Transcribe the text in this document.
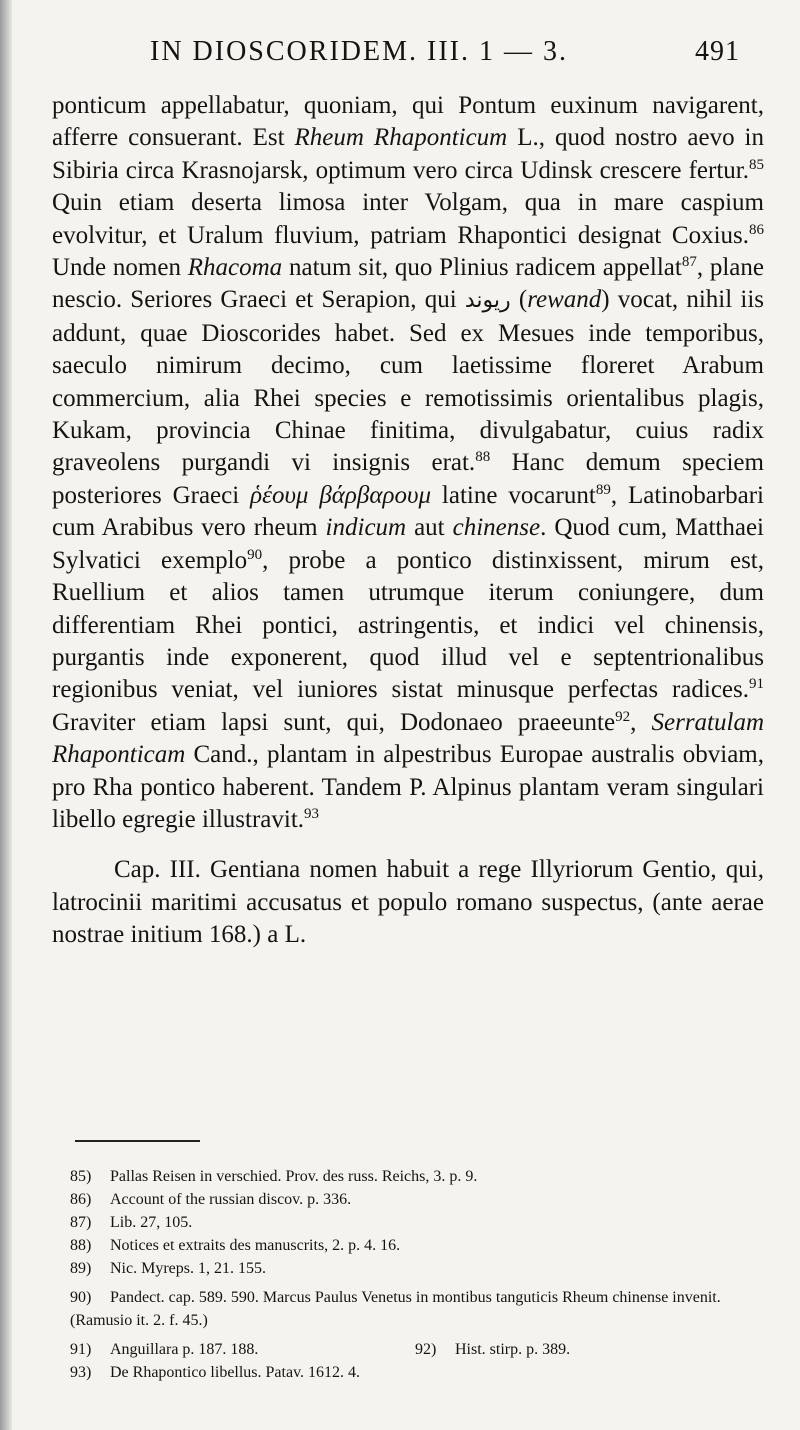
IN DIOSCORIDEM. III. 1 — 3.	491

ponticum appellabatur, quoniam, qui Pontum euxinum navigarent, afferre consuerant. Est Rheum Rhaponticum L., quod nostro aevo in Sibiria circa Krasnojarsk, optimum vero circa Udinsk crescere fertur.$^{85}$ Quin etiam deserta limosa inter Volgam, qua in mare caspium evolvitur, et Uralum fluvium, patriam Rhapontici designat Coxius.$^{86}$ Unde nomen Rhacoma natum sit, quo Plinius radicem appellat$^{87}$, plane nescio. Seriores Graeci et Serapion, qui ريوند (rewand) vocat, nihil iis addunt, quae Dioscorides habet. Sed ex Mesues inde temporibus, saeculo nimirum decimo, cum laetissime floreret Arabum commercium, alia Rhei species e remotissimis orientalibus plagis, Kukam, provincia Chinae finitima, divulgabatur, cuius radix graveolens purgandi vi insignis erat.$^{88}$ Hanc demum speciem posteriores Graeci ῥέουμ βάρβαρουμ latine vocarunt$^{89}$, Latinobarbari cum Arabibus vero rheum indicum aut chinense. Quod cum, Matthaei Sylvatici exemplo$^{90}$, probe a pontico distinxissent, mirum est, Ruellium et alios tamen utrumque iterum coniungere, dum differentiam Rhei pontici, astringentis, et indici vel chinensis, purgantis inde exponerent, quod illud vel e septentrionalibus regionibus veniat, vel iuniores sistat minusque perfectas radices.$^{91}$ Graviter etiam lapsi sunt, qui, Dodonaeo praeeunte$^{92}$, Serratulam Rhaponticam Cand., plantam in alpestribus Europae australis obviam, pro Rha pontico haberent. Tandem P. Alpinus plantam veram singulari libello egregie illustravit.$^{93}$

Cap. III. Gentiana nomen habuit a rege Illyriorum Gentio, qui, latrocinii maritimi accusatus et populo romano suspectus, (ante aerae nostrae initium 168.) a L.

85) Pallas Reisen in verschied. Prov. des russ. Reichs, 3. p. 9.
86) Account of the russian discov. p. 336.
87) Lib. 27, 105.
88) Notices et extraits des manuscrits, 2. p. 4. 16.
89) Nic. Myreps. 1, 21. 155.
90) Pandect. cap. 589. 590. Marcus Paulus Venetus in montibus tanguticis Rheum chinense invenit. (Ramusio it. 2. f. 45.)
91) Anguillara p. 187. 188.	92) Hist. stirp. p. 389.
93) De Rhapontico libellus. Patav. 1612. 4.
